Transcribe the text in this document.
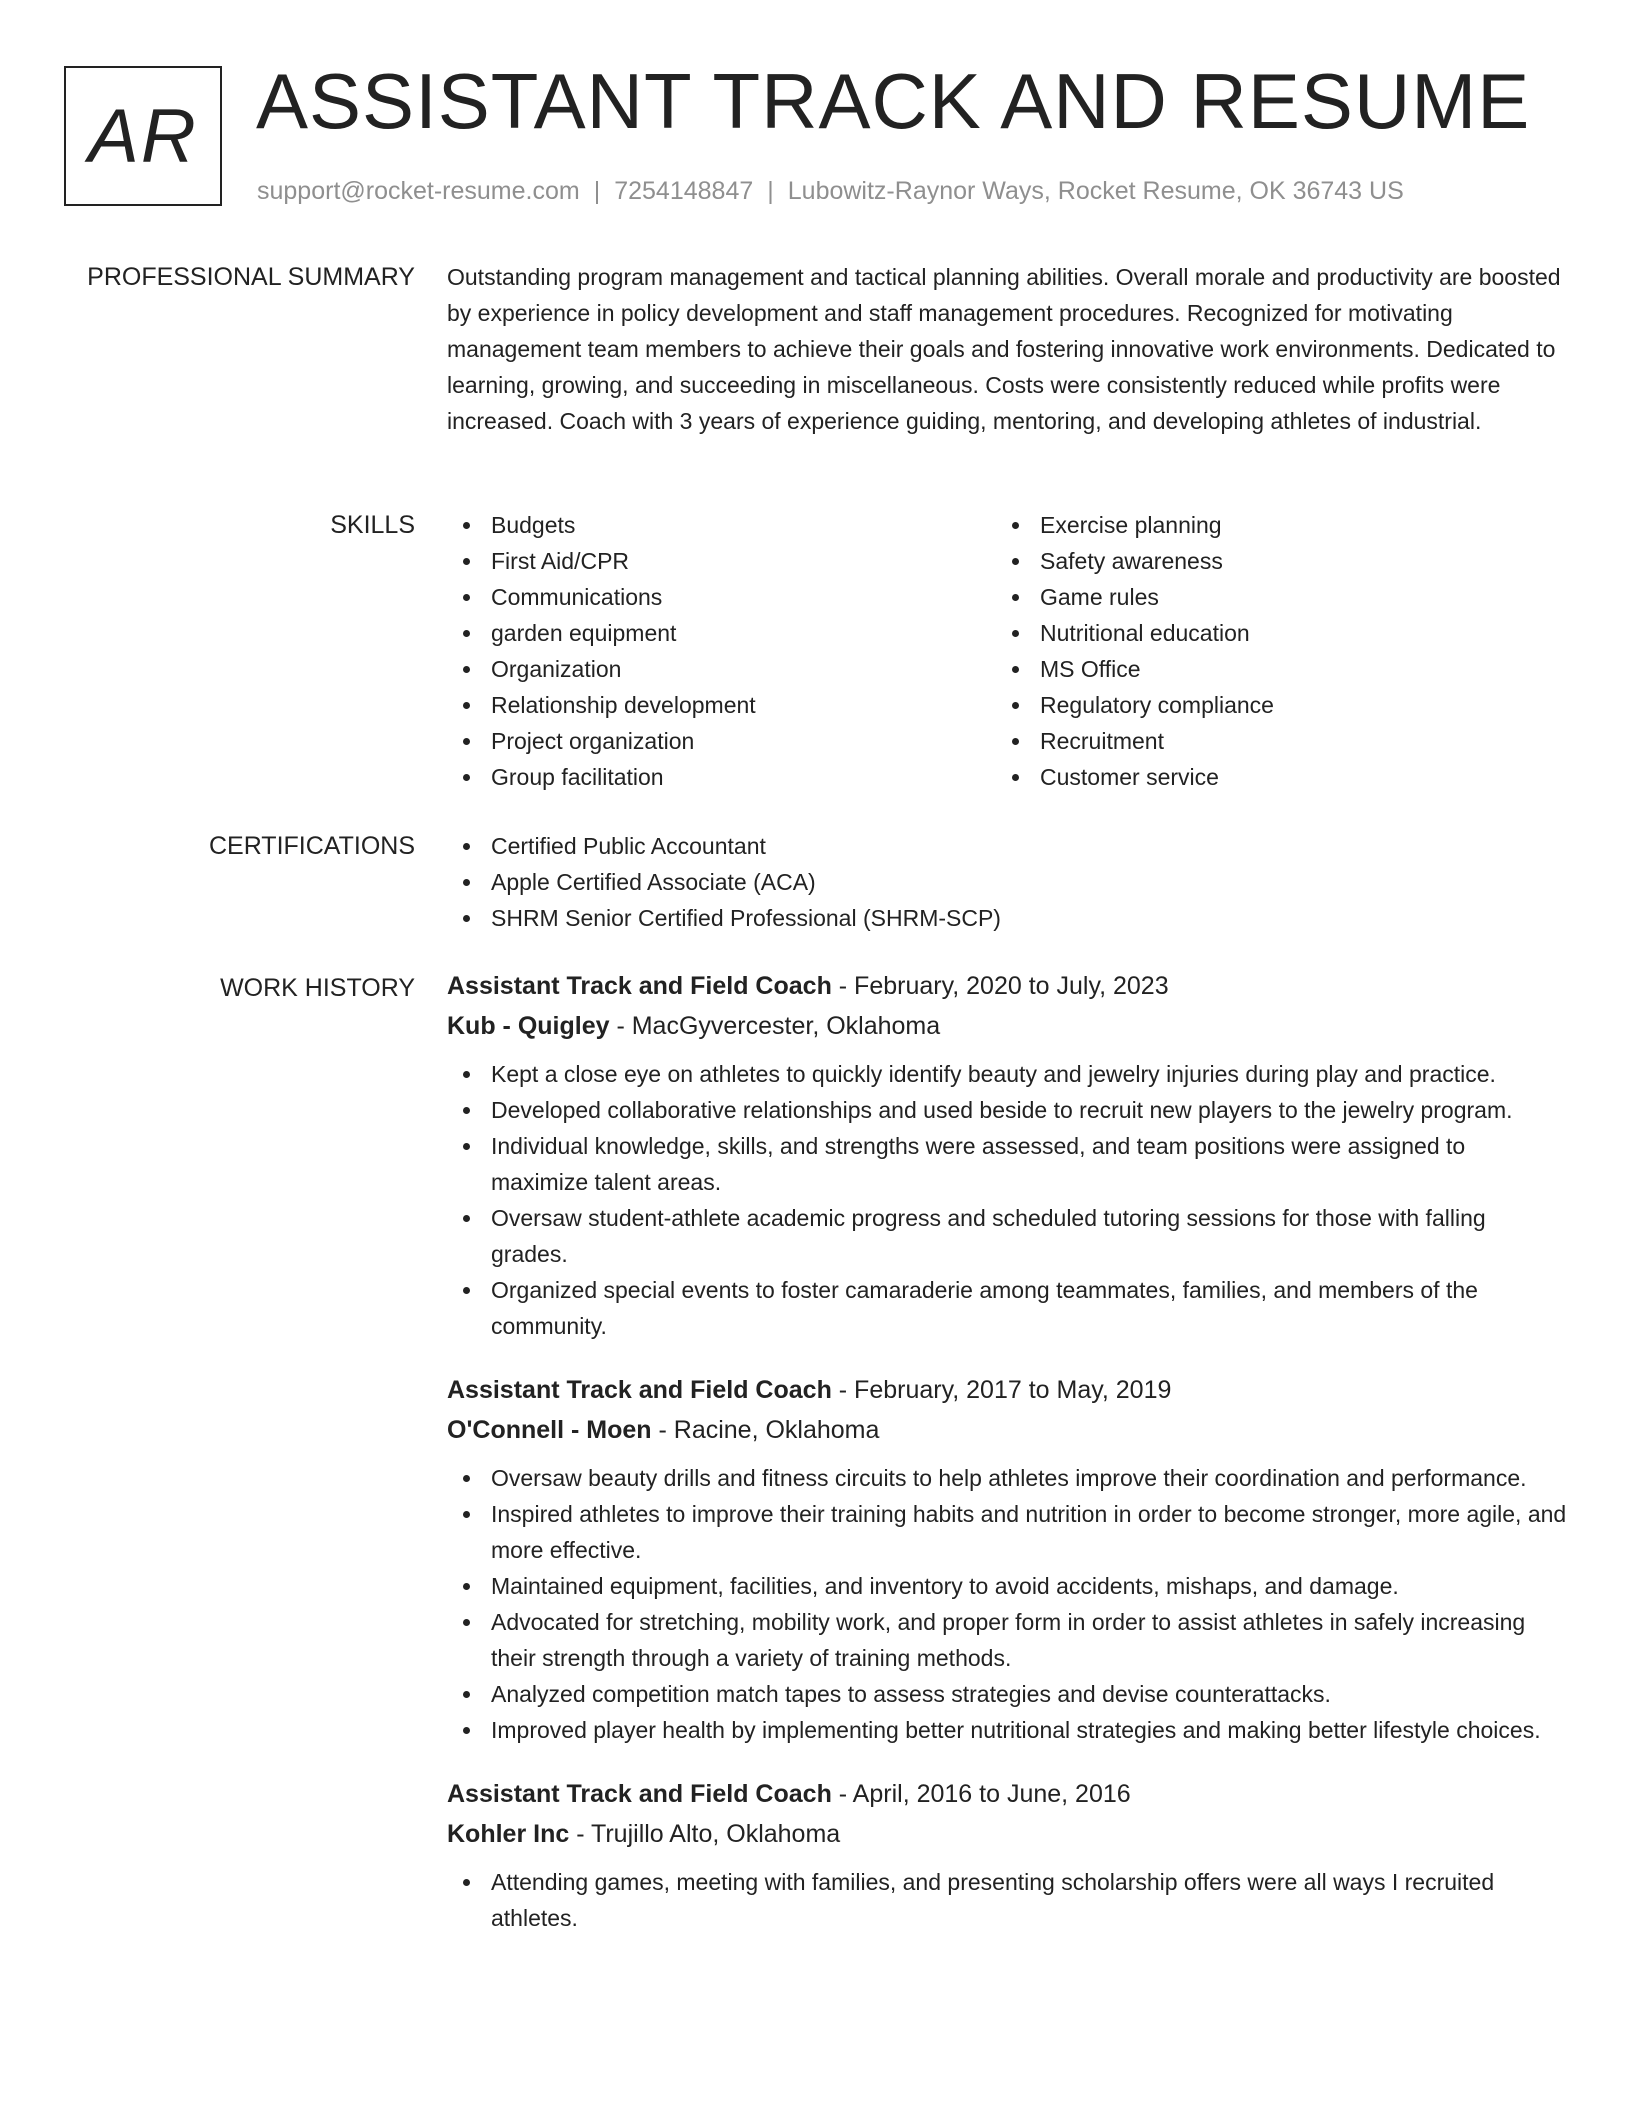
AR ASSISTANT TRACK AND RESUME
support@rocket-resume.com | 7254148847 | Lubowitz-Raynor Ways, Rocket Resume, OK 36743 US
PROFESSIONAL SUMMARY Outstanding program management and tactical planning abilities. Overall morale and productivity are boosted by experience in policy development and staff management procedures. Recognized for motivating management team members to achieve their goals and fostering innovative work environments. Dedicated to learning, growing, and succeeding in miscellaneous. Costs were consistently reduced while profits were increased. Coach with 3 years of experience guiding, mentoring, and developing athletes of industrial.
SKILLS	Budgets
First Aid/CPR
Communications
garden equipment
Organization
Relationship development
Project organization
Group facilitation
Exercise planning
Safety awareness
Game rules
Nutritional education
MS Office
Regulatory compliance
Recruitment
Customer service
CERTIFICATIONS	Certified Public Accountant
Apple Certified Associate (ACA)
SHRM Senior Certified Professional (SHRM-SCP)
WORK HISTORY Assistant Track and Field Coach - February, 2020 to July, 2023
Kub - Quigley - MacGyvercester, Oklahoma
Kept a close eye on athletes to quickly identify beauty and jewelry injuries during play and practice.
Developed collaborative relationships and used beside to recruit new players to the jewelry program.
Individual knowledge, skills, and strengths were assessed, and team positions were assigned to maximize talent areas.
Oversaw student-athlete academic progress and scheduled tutoring sessions for those with falling grades.
Organized special events to foster camaraderie among teammates, families, and members of the community.
Assistant Track and Field Coach - February, 2017 to May, 2019
O'Connell - Moen - Racine, Oklahoma
Oversaw beauty drills and fitness circuits to help athletes improve their coordination and performance.
Inspired athletes to improve their training habits and nutrition in order to become stronger, more agile, and more effective.
Maintained equipment, facilities, and inventory to avoid accidents, mishaps, and damage.
Advocated for stretching, mobility work, and proper form in order to assist athletes in safely increasing their strength through a variety of training methods.
Analyzed competition match tapes to assess strategies and devise counterattacks.
Improved player health by implementing better nutritional strategies and making better lifestyle choices.
Assistant Track and Field Coach - April, 2016 to June, 2016
Kohler Inc - Trujillo Alto, Oklahoma
Attending games, meeting with families, and presenting scholarship offers were all ways I recruited athletes.
